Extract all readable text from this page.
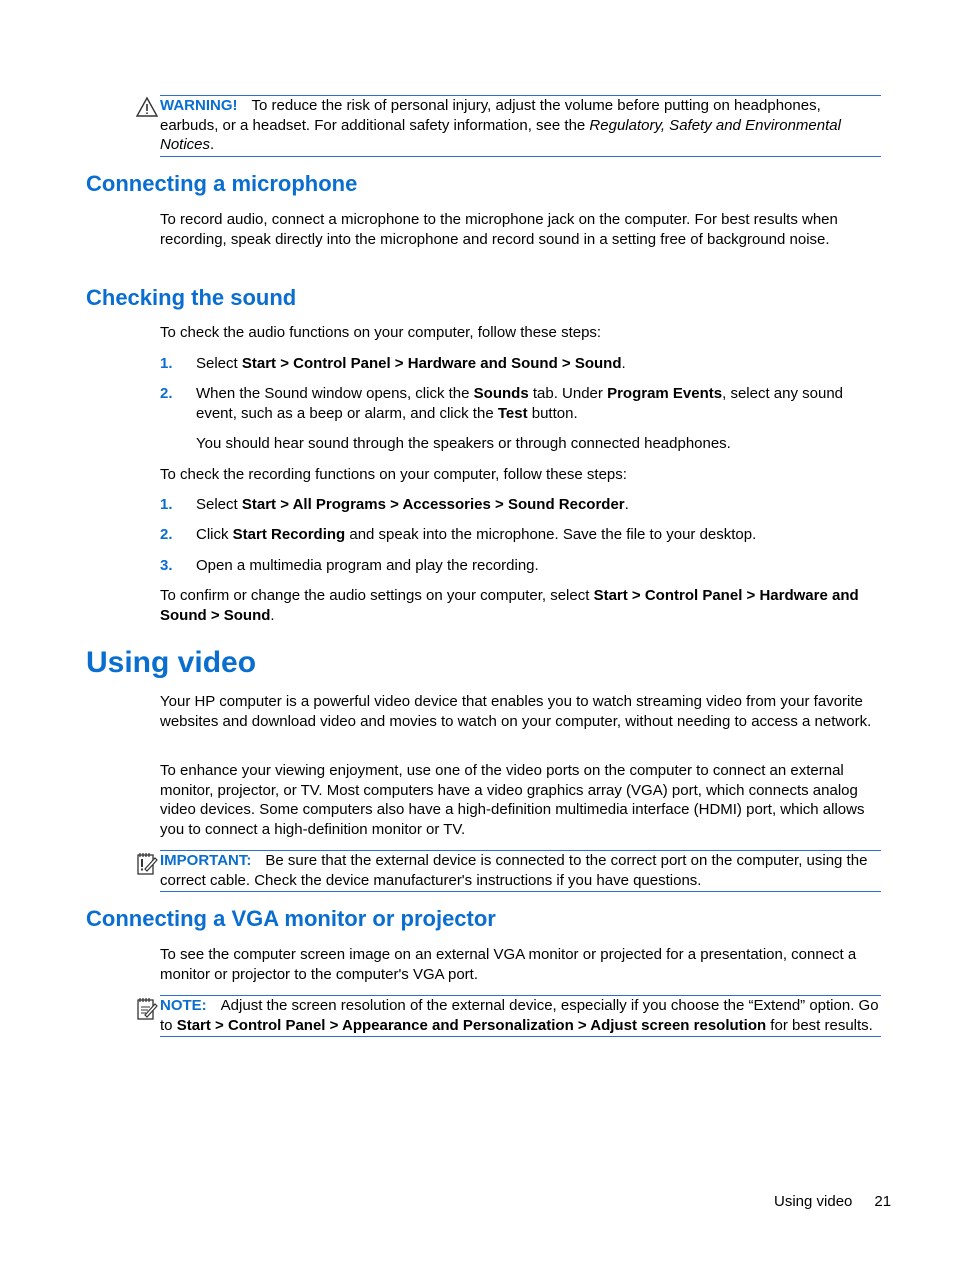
WARNING! To reduce the risk of personal injury, adjust the volume before putting on headphones, earbuds, or a headset. For additional safety information, see the Regulatory, Safety and Environmental Notices.
Connecting a microphone
To record audio, connect a microphone to the microphone jack on the computer. For best results when recording, speak directly into the microphone and record sound in a setting free of background noise.
Checking the sound
To check the audio functions on your computer, follow these steps:
1.	Select Start > Control Panel > Hardware and Sound > Sound.
2.	When the Sound window opens, click the Sounds tab. Under Program Events, select any sound event, such as a beep or alarm, and click the Test button.
You should hear sound through the speakers or through connected headphones.
To check the recording functions on your computer, follow these steps:
1.	Select Start > All Programs > Accessories > Sound Recorder.
2.	Click Start Recording and speak into the microphone. Save the file to your desktop.
3.	Open a multimedia program and play the recording.
To confirm or change the audio settings on your computer, select Start > Control Panel > Hardware and Sound > Sound.
Using video
Your HP computer is a powerful video device that enables you to watch streaming video from your favorite websites and download video and movies to watch on your computer, without needing to access a network.
To enhance your viewing enjoyment, use one of the video ports on the computer to connect an external monitor, projector, or TV. Most computers have a video graphics array (VGA) port, which connects analog video devices. Some computers also have a high-definition multimedia interface (HDMI) port, which allows you to connect a high-definition monitor or TV.
IMPORTANT: Be sure that the external device is connected to the correct port on the computer, using the correct cable. Check the device manufacturer's instructions if you have questions.
Connecting a VGA monitor or projector
To see the computer screen image on an external VGA monitor or projected for a presentation, connect a monitor or projector to the computer's VGA port.
NOTE: Adjust the screen resolution of the external device, especially if you choose the “Extend” option. Go to Start > Control Panel > Appearance and Personalization > Adjust screen resolution for best results.
Using video 21
